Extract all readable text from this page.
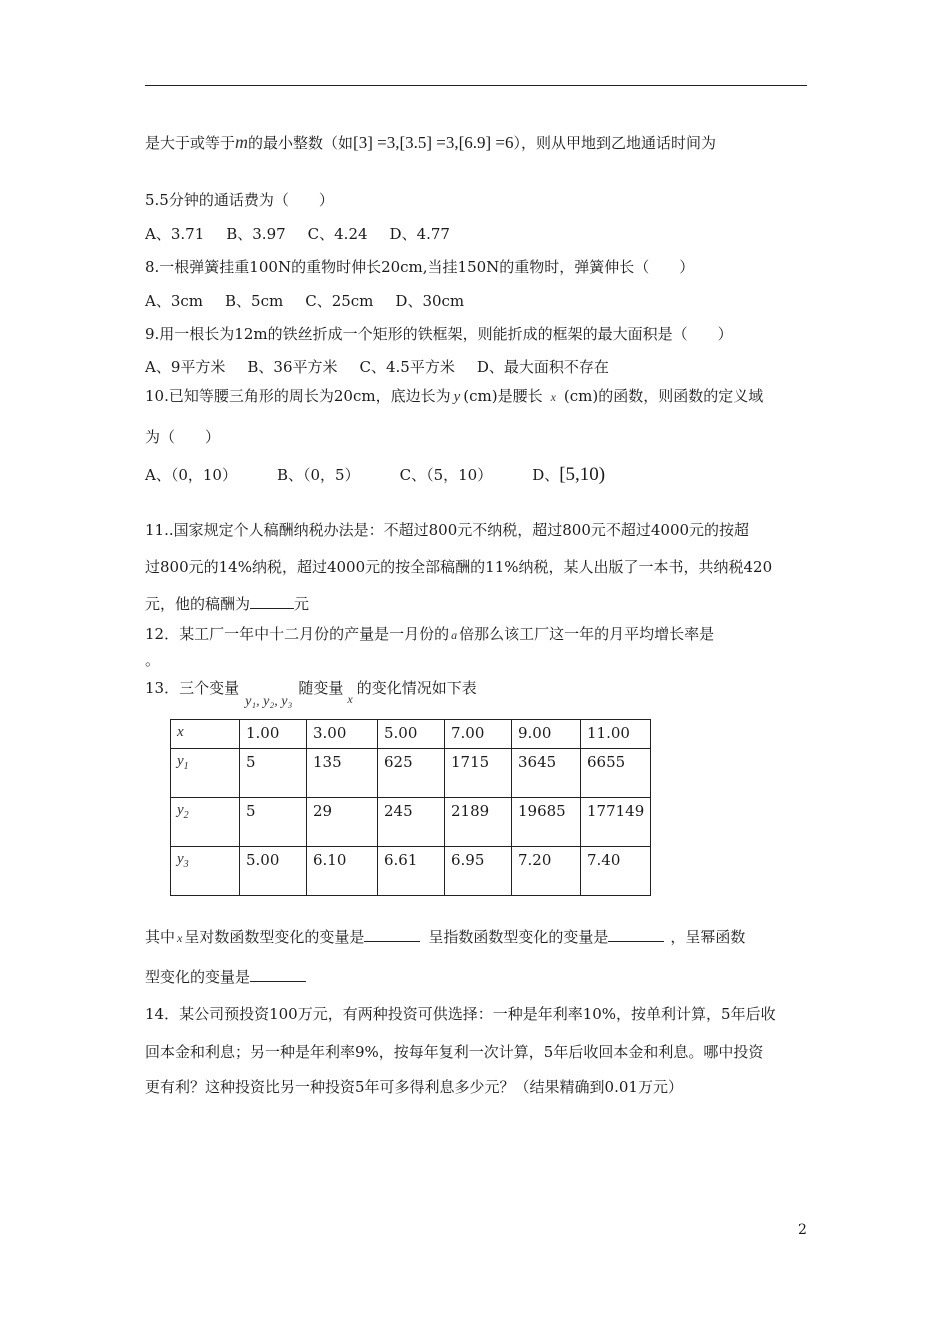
是大于或等于m的最小整数（如[3] =3,[3.5] =3,[6.9] =6），则从甲地到乙地通话时间为
5.5分钟的通话费为（　　）
A、3.71 B、3.97 C、4.24 D、4.77
8.一根弹簧挂重100N的重物时伸长20cm,当挂150N的重物时，弹簧伸长（　　）
A、3cm B、5cm C、25cm D、30cm
9.用一根长为12m的铁丝折成一个矩形的铁框架，则能折成的框架的最大面积是（　　）
A、9平方米 B、36平方米 C、4.5平方米 D、最大面积不存在
10.已知等腰三角形的周长为20cm，底边长为 y (cm)是腰长 x (cm)的函数，则函数的定义域
为（　　）
A、（0，10）	B、（0，5）	C、（5，10）	D、[5,10)
11..国家规定个人稿酬纳税办法是：不超过800元不纳税，超过800元不超过4000元的按超
过800元的14%纳税，超过4000元的按全部稿酬的11%纳税，某人出版了一本书，共纳税420
元，他的稿酬为	元
12．某工厂一年中十二月份的产量是一月份的 a 倍那么该工厂这一年的月平均增长率是
。
13．三个变量y₁, y₂, y₃随变量$_x$的变化情况如下表
x	1.00	3.00	5.00	7.00	9.00	11.00
$y_1$	5	135	625	1715	3645	6655
$y_2$	5	29	245	2189	19685	177149
$y_3$	5.00	6.10	6.61	6.95	7.20	7.40
其中 x 呈对数函数型变化的变量是	呈指数函数型变化的变量是	，呈幂函数
型变化的变量是
14．某公司预投资100万元，有两种投资可供选择：一种是年利率10%，按单利计算，5年后收
回本金和利息；另一种是年利率9%，按每年复利一次计算，5年后收回本金和利息。哪中投资
更有利？这种投资比另一种投资5年可多得利息多少元？（结果精确到0.01万元）
2
